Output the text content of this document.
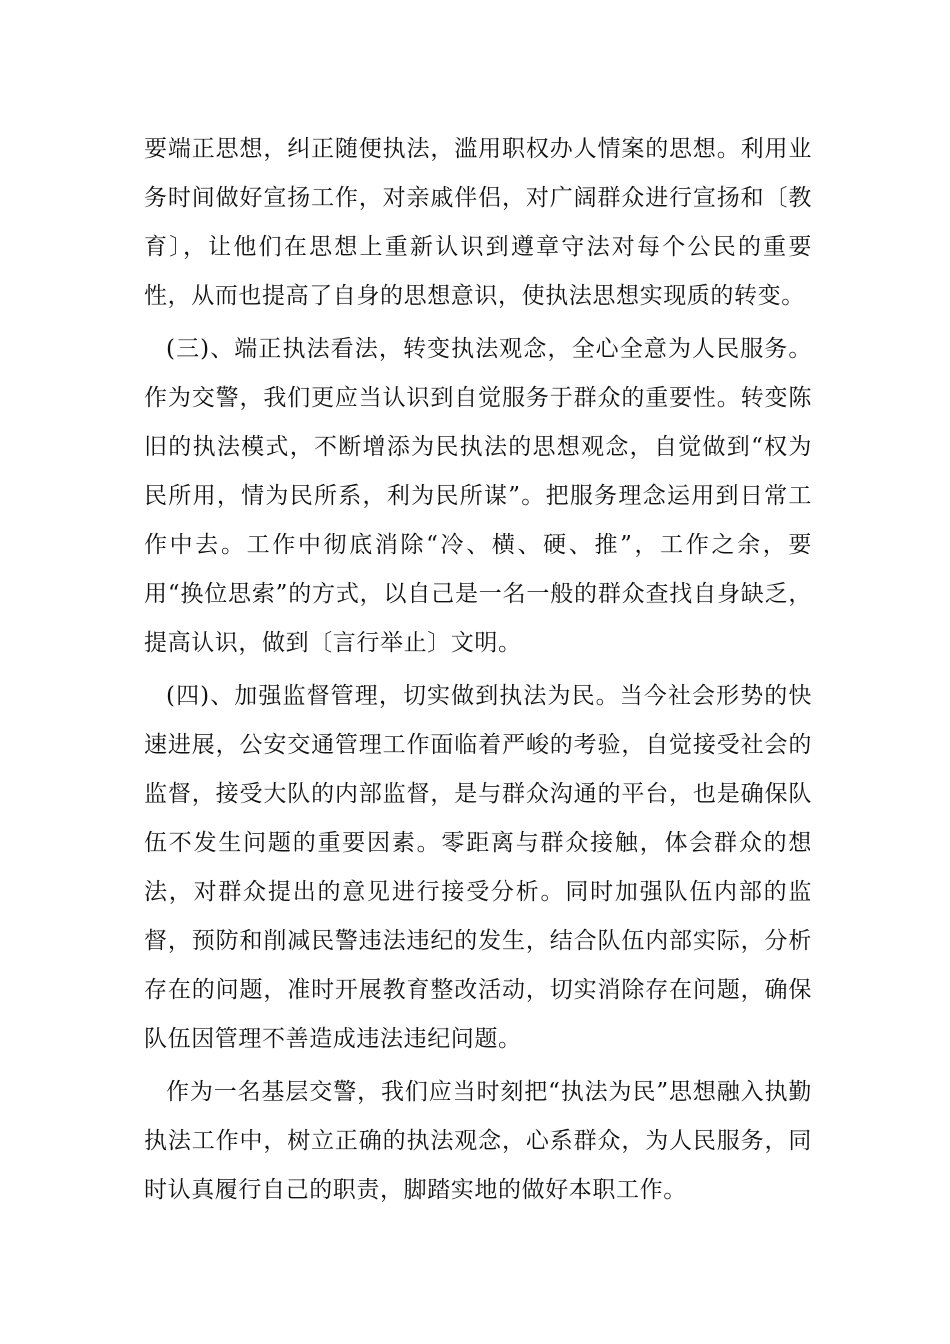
要端正思想，纠正随便执法，滥用职权办人情案的思想。利用业务时间做好宣扬工作，对亲戚伴侣，对广阔群众进行宣扬和〔教育〕，让他们在思想上重新认识到遵章守法对每个公民的重要性，从而也提高了自身的思想意识，使执法思想实现质的转变。

(三)、端正执法看法，转变执法观念，全心全意为人民服务。作为交警，我们更应当认识到自觉服务于群众的重要性。转变陈旧的执法模式，不断增添为民执法的思想观念，自觉做到“权为民所用，情为民所系，利为民所谋”。把服务理念运用到日常工作中去。工作中彻底消除“冷、横、硬、推”，工作之余，要用“换位思索”的方式，以自己是一名一般的群众查找自身缺乏，提高认识，做到〔言行举止〕文明。

(四)、加强监督管理，切实做到执法为民。当今社会形势的快速进展，公安交通管理工作面临着严峻的考验，自觉接受社会的监督，接受大队的内部监督，是与群众沟通的平台，也是确保队伍不发生问题的重要因素。零距离与群众接触，体会群众的想法，对群众提出的意见进行接受分析。同时加强队伍内部的监督，预防和削减民警违法违纪的发生，结合队伍内部实际，分析存在的问题，准时开展教育整改活动，切实消除存在问题，确保队伍因管理不善造成违法违纪问题。

作为一名基层交警，我们应当时刻把“执法为民”思想融入执勤执法工作中，树立正确的执法观念，心系群众，为人民服务，同时认真履行自己的职责，脚踏实地的做好本职工作。
